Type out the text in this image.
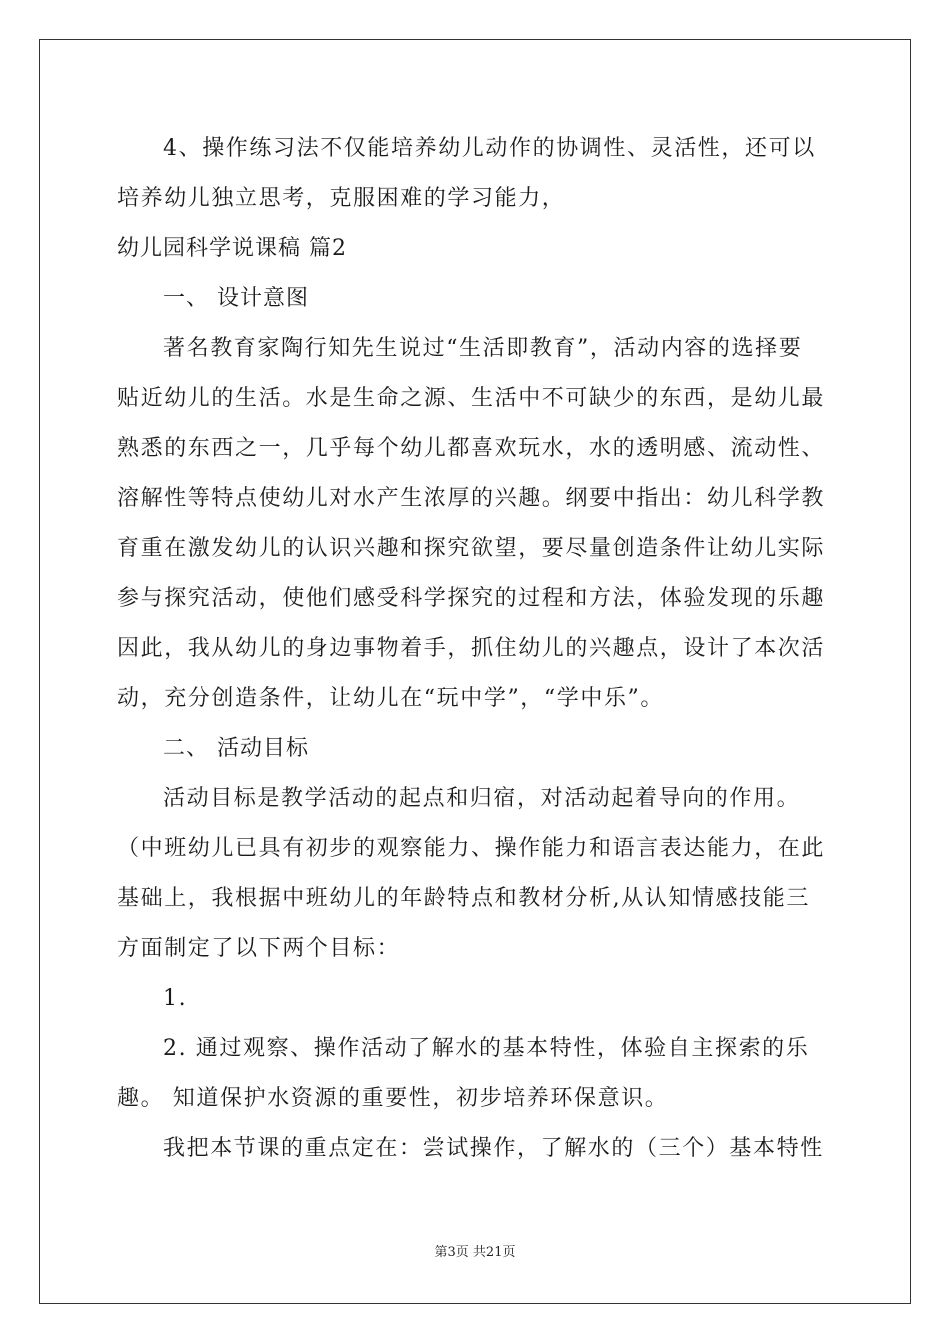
4、操作练习法不仅能培养幼儿动作的协调性、灵活性，还可以
培养幼儿独立思考，克服困难的学习能力，
幼儿园科学说课稿 篇2
一、 设计意图
著名教育家陶行知先生说过“生活即教育”，活动内容的选择要
贴近幼儿的生活。水是生命之源、生活中不可缺少的东西，是幼儿最
熟悉的东西之一，几乎每个幼儿都喜欢玩水，水的透明感、流动性、
溶解性等特点使幼儿对水产生浓厚的兴趣。纲要中指出：幼儿科学教
育重在激发幼儿的认识兴趣和探究欲望，要尽量创造条件让幼儿实际
参与探究活动，使他们感受科学探究的过程和方法，体验发现的乐趣
因此，我从幼儿的身边事物着手，抓住幼儿的兴趣点，设计了本次活
动，充分创造条件，让幼儿在“玩中学”，“学中乐”。
二、 活动目标
活动目标是教学活动的起点和归宿，对活动起着导向的作用。
（中班幼儿已具有初步的观察能力、操作能力和语言表达能力，在此
基础上，我根据中班幼儿的年龄特点和教材分析,从认知情感技能三
方面制定了以下两个目标：
1.
2. 通过观察、操作活动了解水的基本特性，体验自主探索的乐
趣。 知道保护水资源的重要性，初步培养环保意识。
我把本节课的重点定在：尝试操作，了解水的（三个）基本特性
第3页 共21页
